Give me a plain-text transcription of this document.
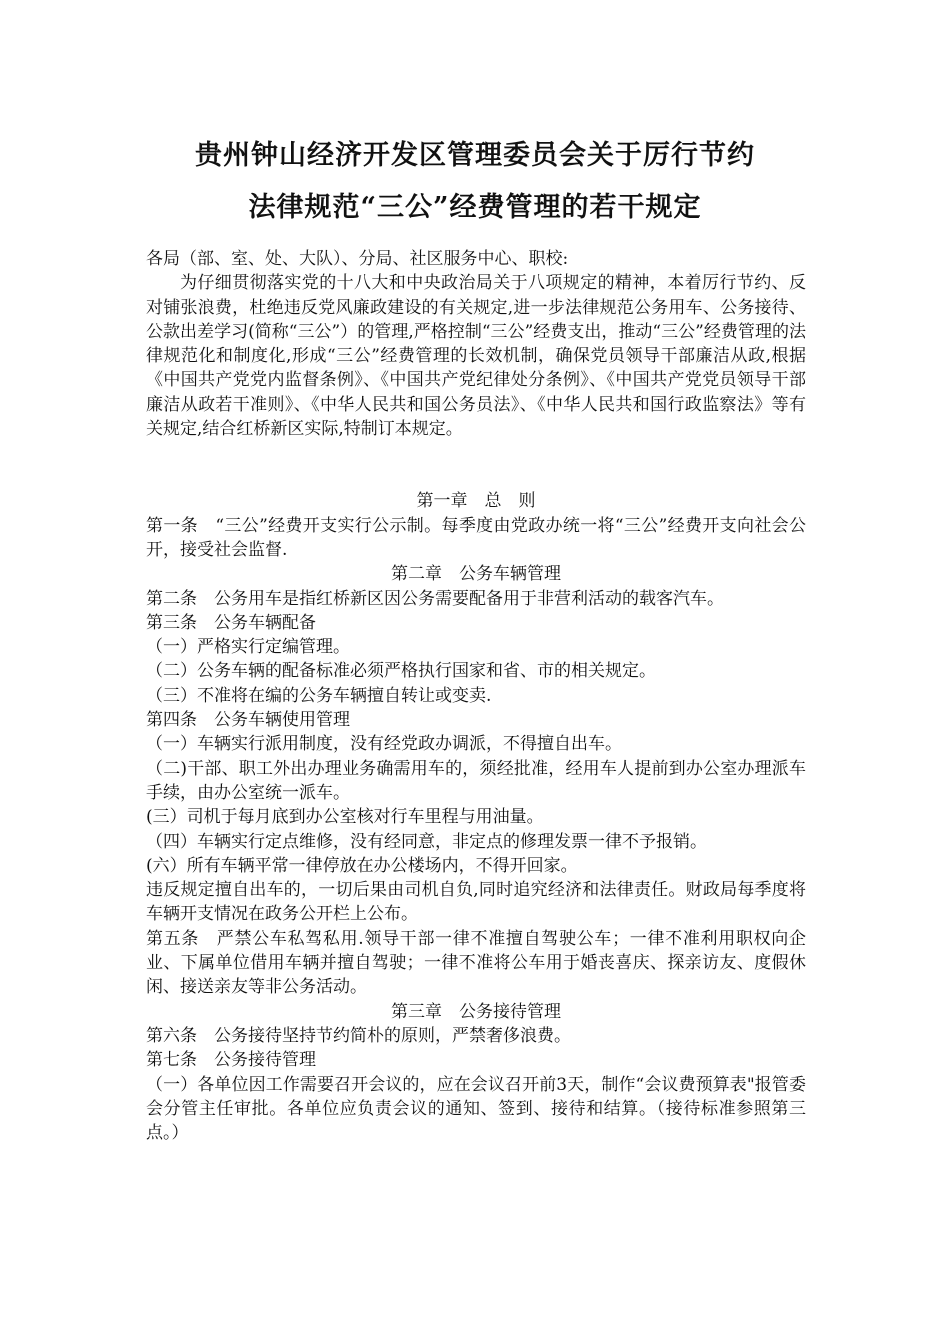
贵州钟山经济开发区管理委员会关于厉行节约
法律规范“三公”经费管理的若干规定

各局（部、室、处、大队）、分局、社区服务中心、职校:

为仔细贯彻落实党的十八大和中央政治局关于八项规定的精神，本着厉行节约、反对铺张浪费，杜绝违反党风廉政建设的有关规定,进一步法律规范公务用车、公务接待、公款出差学习(简称“三公”）的管理,严格控制“三公”经费支出，推动“三公”经费管理的法律规范化和制度化,形成“三公”经费管理的长效机制，确保党员领导干部廉洁从政,根据《中国共产党党内监督条例》、《中国共产党纪律处分条例》、《中国共产党党员领导干部廉洁从政若干准则》、《中华人民共和国公务员法》、《中华人民共和国行政监察法》等有关规定,结合红桥新区实际,特制订本规定。

第一章　总　则

第一条　“三公”经费开支实行公示制。每季度由党政办统一将“三公”经费开支向社会公开，接受社会监督.

第二章　公务车辆管理

第二条　公务用车是指红桥新区因公务需要配备用于非营利活动的载客汽车。

第三条　公务车辆配备

（一）严格实行定编管理。

（二）公务车辆的配备标准必须严格执行国家和省、市的相关规定。

（三）不准将在编的公务车辆擅自转让或变卖.

第四条　公务车辆使用管理

（一）车辆实行派用制度，没有经党政办调派，不得擅自出车。

（二)干部、职工外出办理业务确需用车的，须经批准，经用车人提前到办公室办理派车手续，由办公室统一派车。

(三）司机于每月底到办公室核对行车里程与用油量。

（四）车辆实行定点维修，没有经同意，非定点的修理发票一律不予报销。

(六）所有车辆平常一律停放在办公楼场内，不得开回家。

违反规定擅自出车的，一切后果由司机自负,同时追究经济和法律责任。财政局每季度将车辆开支情况在政务公开栏上公布。

第五条　严禁公车私驾私用.领导干部一律不准擅自驾驶公车；一律不准利用职权向企业、下属单位借用车辆并擅自驾驶；一律不准将公车用于婚丧喜庆、探亲访友、度假休闲、接送亲友等非公务活动。

第三章　公务接待管理

第六条　公务接待坚持节约简朴的原则，严禁奢侈浪费。

第七条　公务接待管理

（一）各单位因工作需要召开会议的，应在会议召开前3天，制作“会议费预算表"报管委会分管主任审批。各单位应负责会议的通知、签到、接待和结算。（接待标准参照第三点。）
